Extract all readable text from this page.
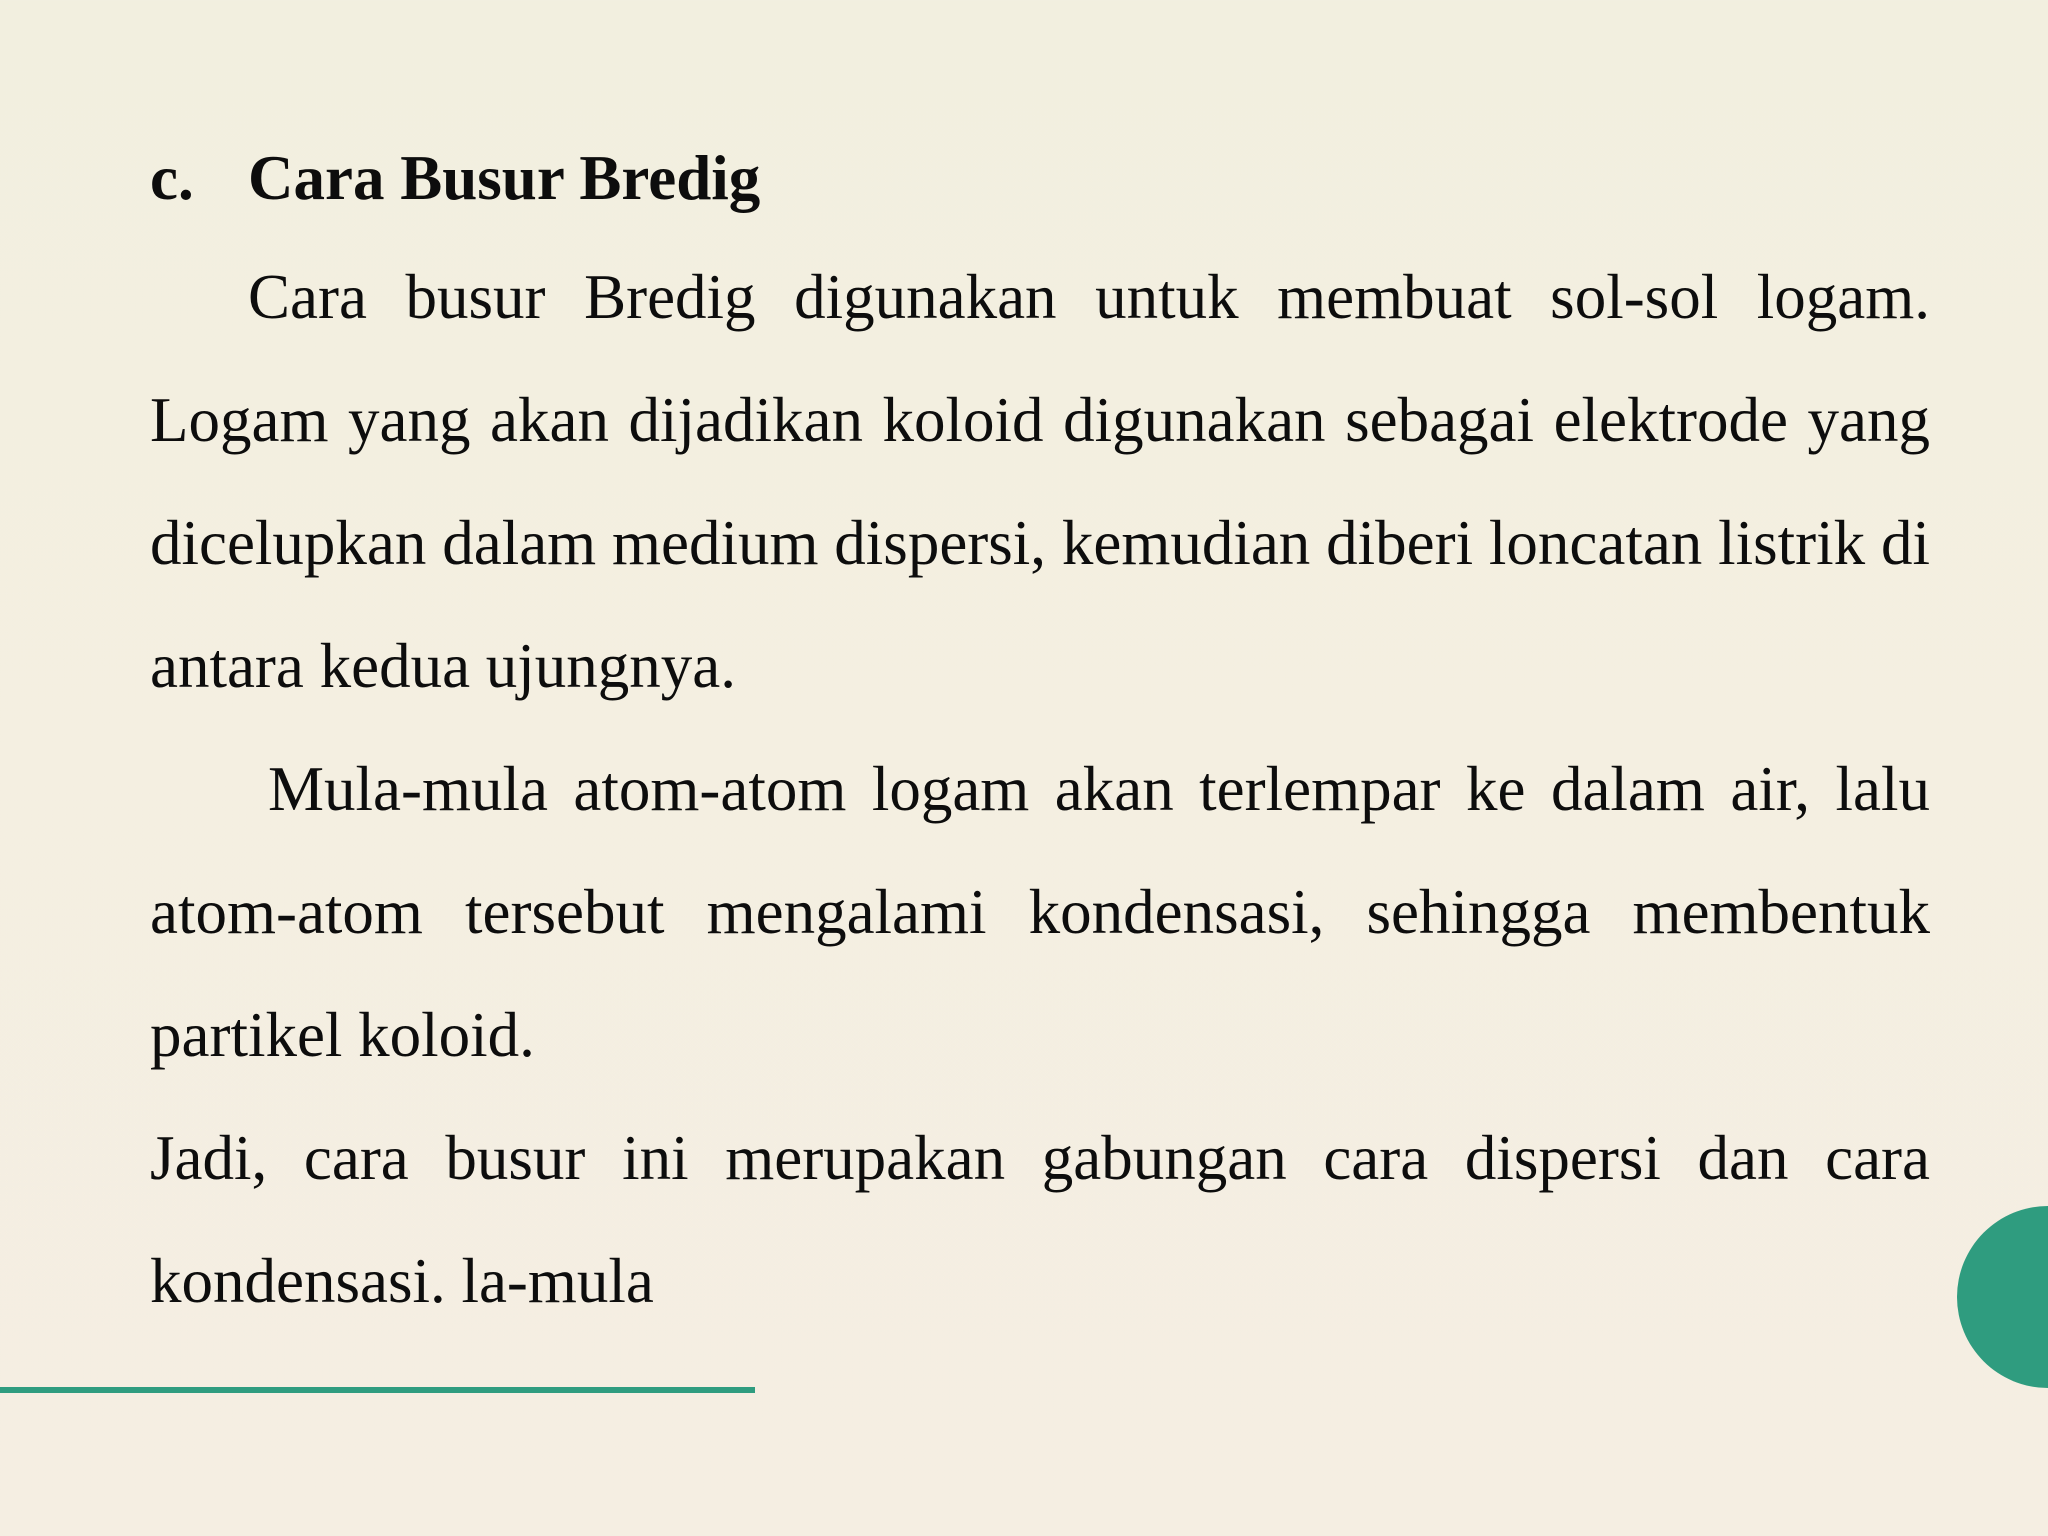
c. Cara Busur Bredig

Cara busur Bredig digunakan untuk membuat sol-sol logam. Logam yang akan dijadikan koloid digunakan sebagai elektrode yang dicelupkan dalam medium dispersi, kemudian diberi loncatan listrik di antara kedua ujungnya.

Mula-mula atom-atom logam akan terlempar ke dalam air, lalu atom-atom tersebut mengalami kondensasi, sehingga membentuk partikel koloid.

Jadi, cara busur ini merupakan gabungan cara dispersi dan cara kondensasi. la-mula
